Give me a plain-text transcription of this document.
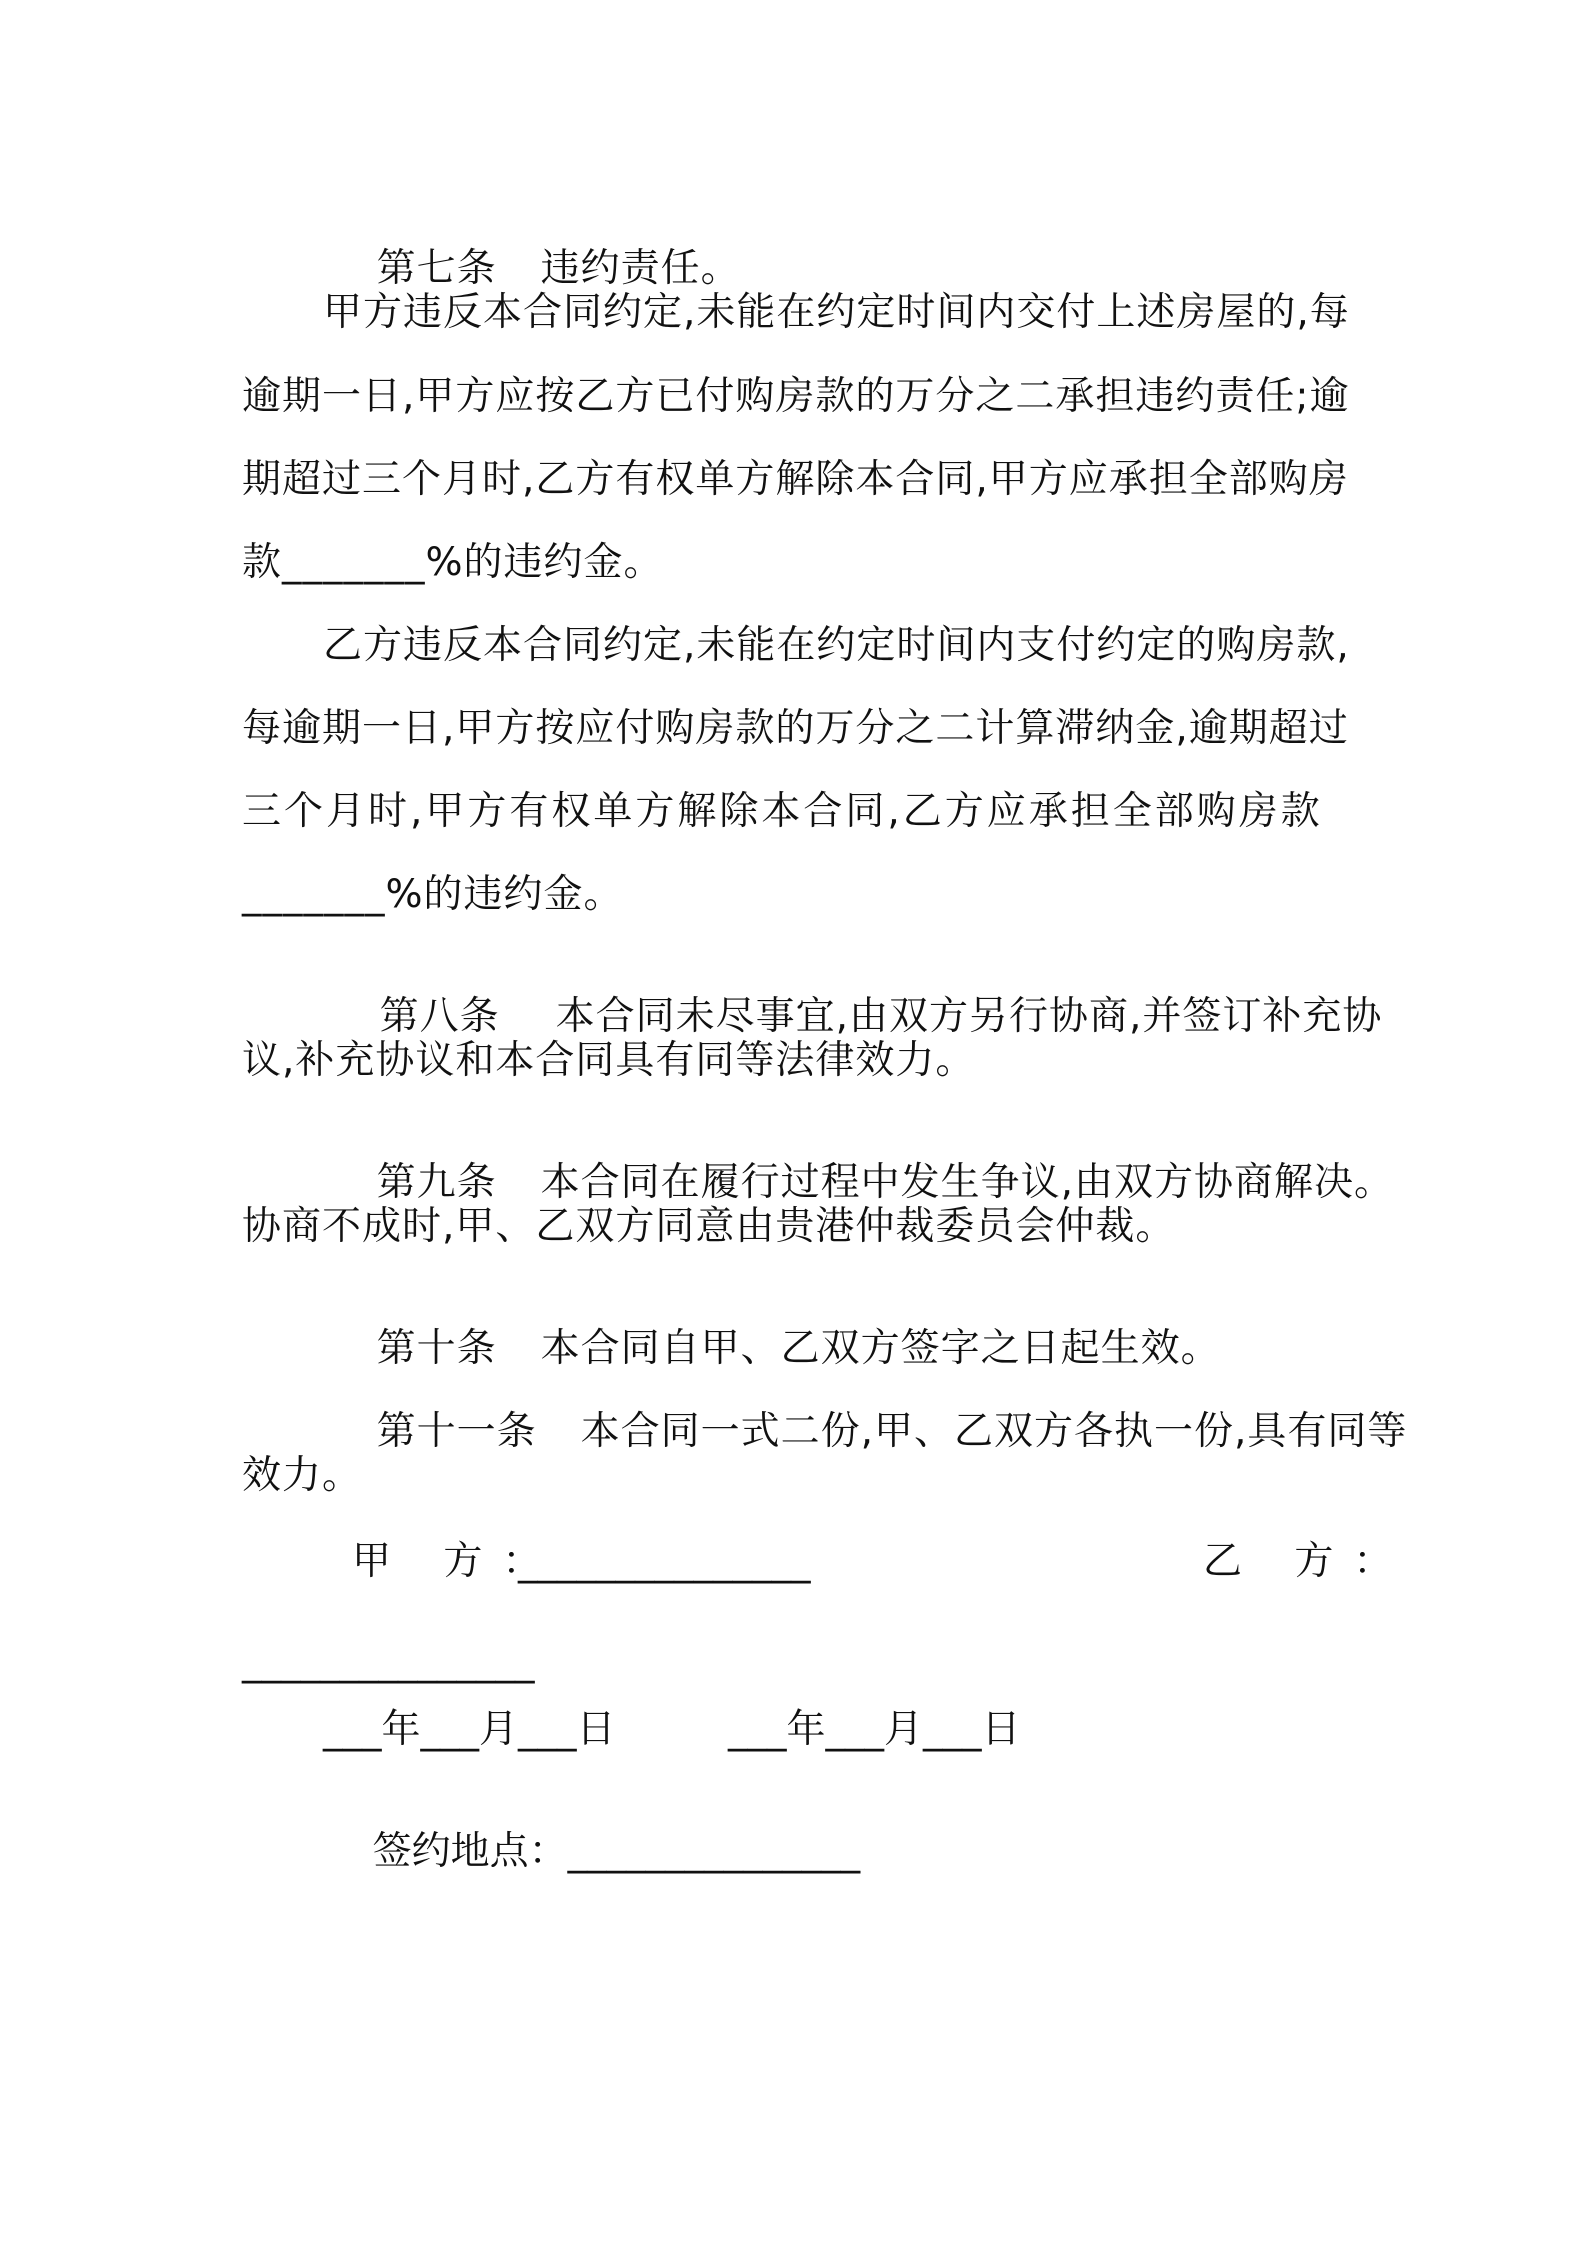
第七条 违约责任。

甲方违反本合同约定,未能在约定时间内交付上述房屋的,每
逾期一日,甲方应按乙方已付购房款的万分之二承担违约责任;逾
期超过三个月时,乙方有权单方解除本合同,甲方应承担全部购房
款_______%的违约金。
乙方违反本合同约定,未能在约定时间内支付约定的购房款,
每逾期一日,甲方按应付购房款的万分之二计算滞纳金,逾期超过
三个月时,甲方有权单方解除本合同,乙方应承担全部购房款
_______%的违约金。

第八条 本合同未尽事宜,由双方另行协商,并签订补充协

议,补充协议和本合同具有同等法律效力。

第九条 本合同在履行过程中发生争议,由双方协商解决。

协商不成时,甲、乙双方同意由贵港仲裁委员会仲裁。

第十条 本合同自甲、乙双方签字之日起生效。

第十一条 本合同一式二份,甲、乙双方各执一份,具有同等

效力。
甲 方：
_______________	乙 方：
_______________
___年___月___日	___年___月___日

签约地点：_______________
